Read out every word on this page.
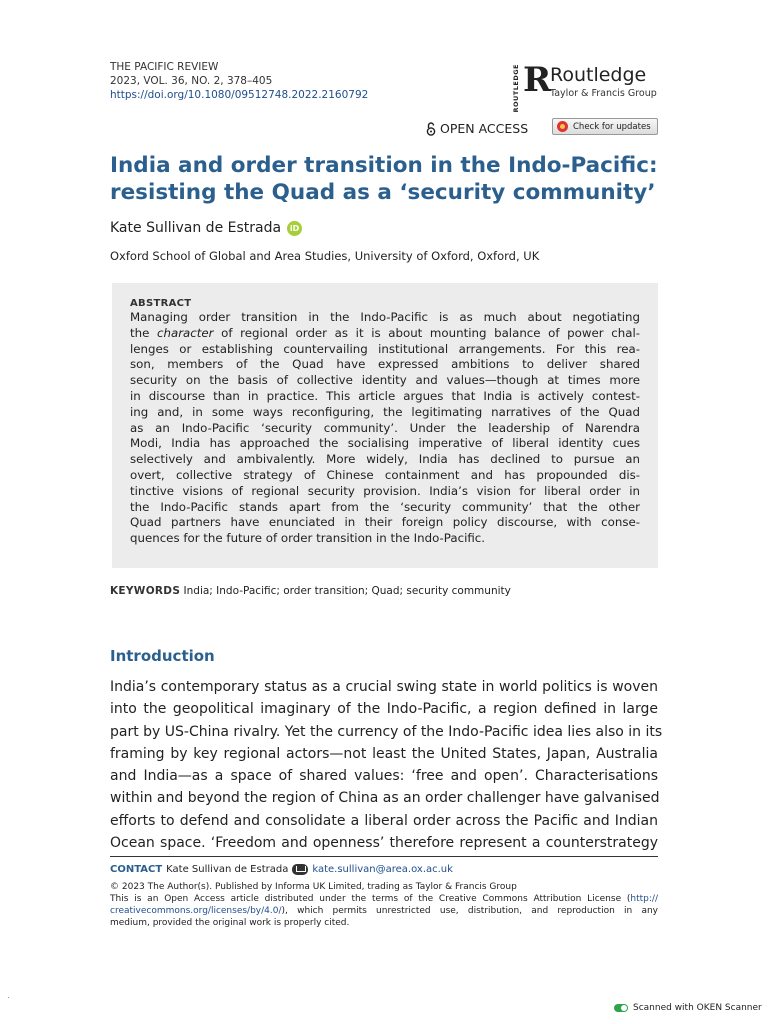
THE PACIFIC REVIEW
2023, VOL. 36, NO. 2, 378–405
https://doi.org/10.1080/09512748.2022.2160792	ROUTLEDGE R
Routledge
Taylor & Francis Group
OPEN ACCESS	Check for updates
India and order transition in the Indo-Pacific:
resisting the Quad as a ‘security community’
Kate Sullivan de Estrada	iD
Oxford School of Global and Area Studies, University of Oxford, Oxford, UK
ABSTRACT
Managing order transition in the Indo-Pacific is as much about negotiating
the character of regional order as it is about mounting balance of power chal-
lenges or establishing countervailing institutional arrangements. For this rea-
son, members of the Quad have expressed ambitions to deliver shared
security on the basis of collective identity and values—though at times more
in discourse than in practice. This article argues that India is actively contest-
ing and, in some ways reconfiguring, the legitimating narratives of the Quad
as an Indo-Pacific ‘security community’. Under the leadership of Narendra
Modi, India has approached the socialising imperative of liberal identity cues
selectively and ambivalently. More widely, India has declined to pursue an
overt, collective strategy of Chinese containment and has propounded dis-
tinctive visions of regional security provision. India’s vision for liberal order in
the Indo-Pacific stands apart from the ‘security community’ that the other
Quad partners have enunciated in their foreign policy discourse, with conse-
quences for the future of order transition in the Indo-Pacific.
KEYWORDS India; Indo-Pacific; order transition; Quad; security community
Introduction
India’s contemporary status as a crucial swing state in world politics is woven
into the geopolitical imaginary of the Indo-Pacific, a region defined in large
part by US-China rivalry. Yet the currency of the Indo-Pacific idea lies also in its
framing by key regional actors—not least the United States, Japan, Australia
and India—as a space of shared values: ‘free and open’. Characterisations
within and beyond the region of China as an order challenger have galvanised
efforts to defend and consolidate a liberal order across the Pacific and Indian
Ocean space. ‘Freedom and openness’ therefore represent a counterstrategy
CONTACT Kate Sullivan de Estrada kate.sullivan@area.ox.ac.uk
© 2023 The Author(s). Published by Informa UK Limited, trading as Taylor & Francis Group
This is an Open Access article distributed under the terms of the Creative Commons Attribution License (http://
creativecommons.org/licenses/by/4.0/), which permits unrestricted use, distribution, and reproduction in any
medium, provided the original work is properly cited.
Scanned with OKEN Scanner
